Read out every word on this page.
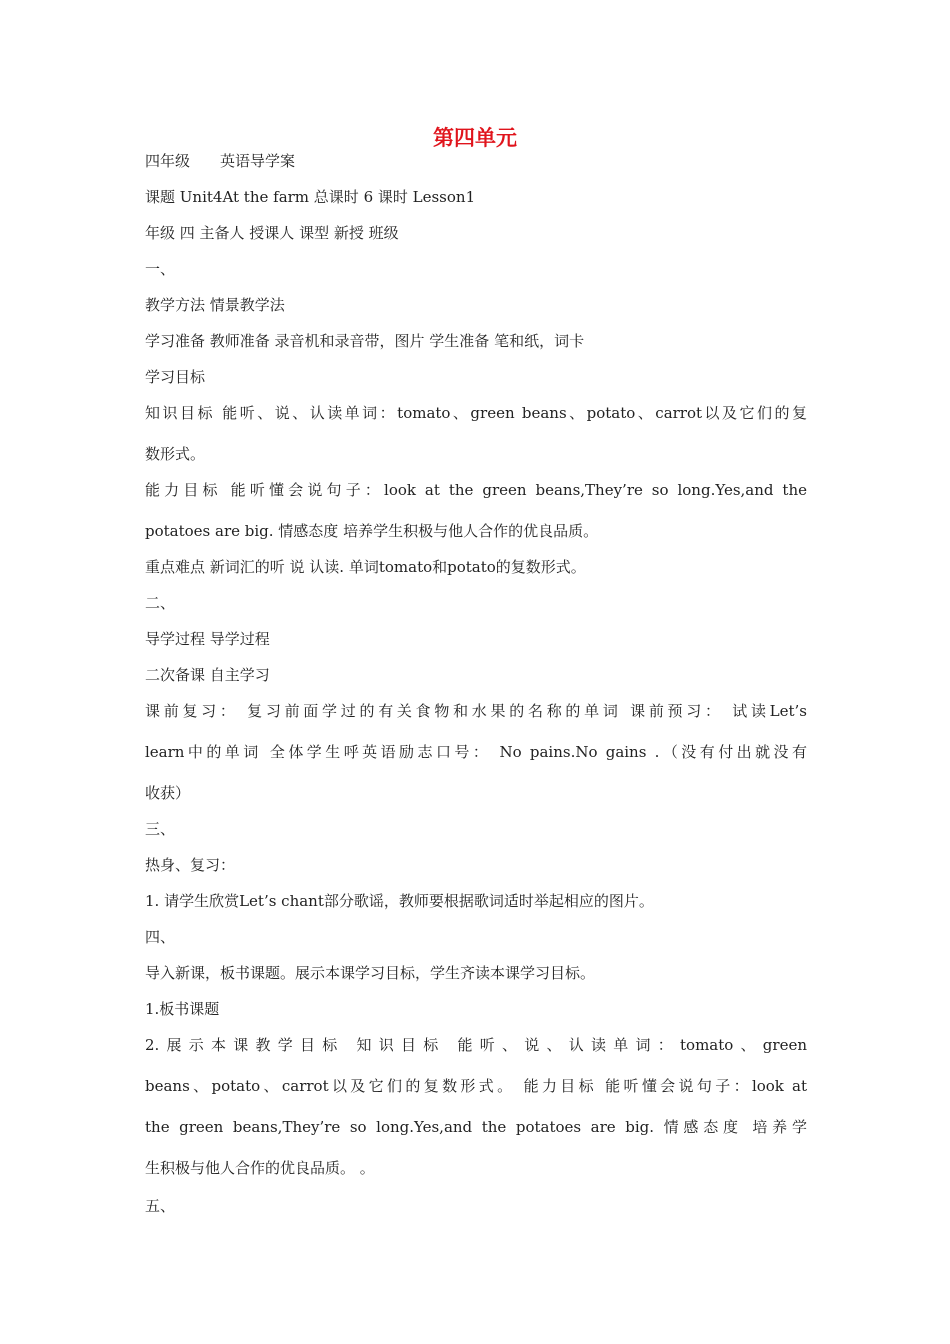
第四单元
四年级　　英语导学案
课题 Unit4At the farm 总课时 6 课时 Lesson1
年级 四 主备人 授课人 课型 新授 班级
一、
教学方法 情景教学法
学习准备 教师准备 录音机和录音带，图片 学生准备 笔和纸，词卡
学习目标
知识目标 能听、说、认读单词：tomato、green beans、potato、carrot以及它们的复
数形式。
能力目标 能听懂会说句子：look at the green beans,They’re so long.Yes,and the
potatoes are big. 情感态度 培养学生积极与他人合作的优良品质。
重点难点 新词汇的听 说 认读. 单词tomato和potato的复数形式。
二、
导学过程 导学过程
二次备课 自主学习
课前复习： 复习前面学过的有关食物和水果的名称的单词 课前预习： 试读Let’s
learn中的单词 全体学生呼英语励志口号： No pains.No gains .（没有付出就没有
收获）
三、
热身、复习：
1. 请学生欣赏Let’s chant部分歌谣，教师要根据歌词适时举起相应的图片。
四、
导入新课，板书课题。展示本课学习目标，学生齐读本课学习目标。
1.板书课题
2.展示本课教学目标 知识目标 能听、说、认读单词：tomato、green
beans、potato、carrot以及它们的复数形式。 能力目标 能听懂会说句子：look at
the green beans,They’re so long.Yes,and the potatoes are big. 情感态度 培养学
生积极与他人合作的优良品质。 。
五、
